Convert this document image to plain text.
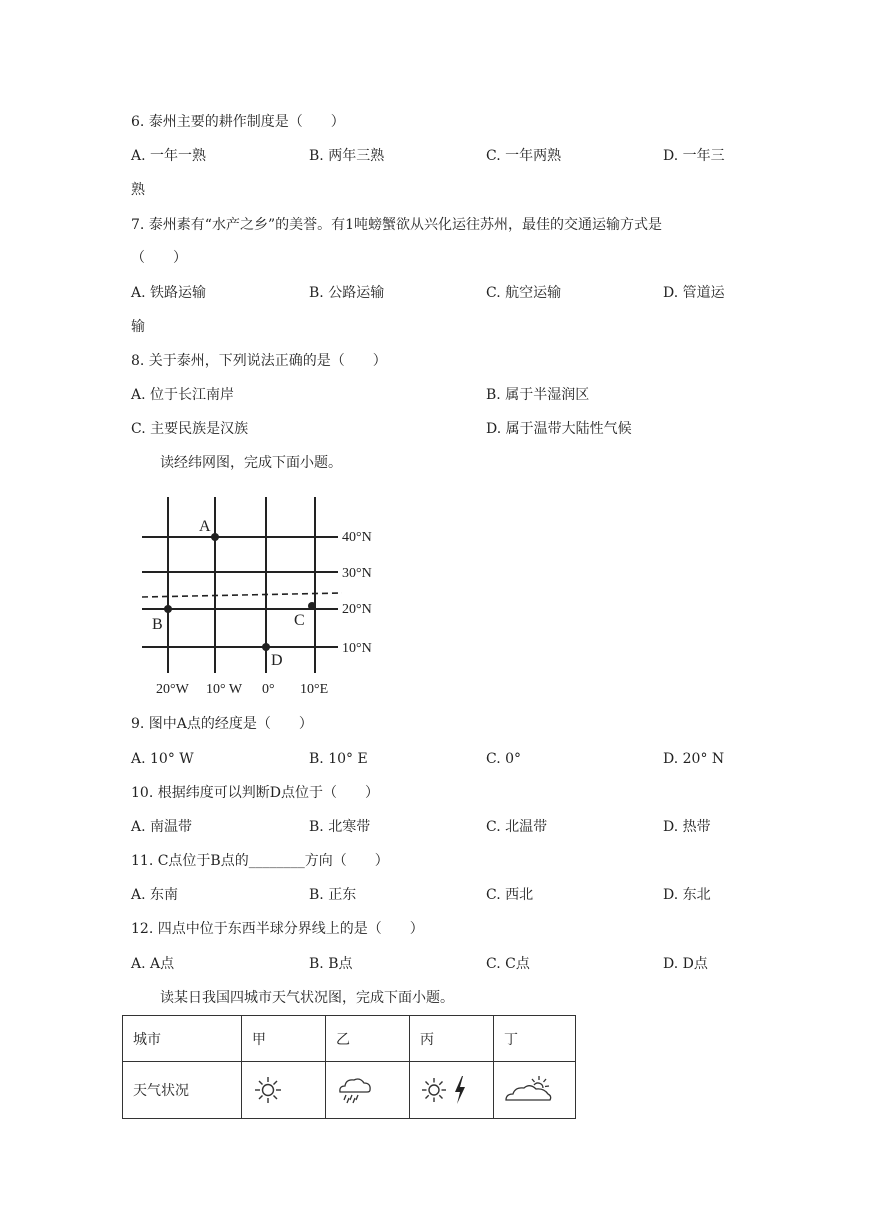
6. 泰州主要的耕作制度是（　　）
A. 一年一熟	B. 两年三熟	C. 一年两熟	D. 一年三
熟
7. 泰州素有“水产之乡”的美誉。有1吨螃蟹欲从兴化运往苏州，最佳的交通运输方式是
（　　）
A. 铁路运输	B. 公路运输	C. 航空运输	D. 管道运
输
8. 关于泰州，下列说法正确的是（　　）
A. 位于长江南岸	B. 属于半湿润区
C. 主要民族是汉族	D. 属于温带大陆性气候
读经纬网图，完成下面小题。
A
B	C
D
40°N
30°N
20°N
10°N
20°W 10° W 0° 10°E
9. 图中A点的经度是（　　）
A. 10° W	B. 10° E	C. 0°	D. 20° N
10. 根据纬度可以判断D点位于（　　）
A. 南温带	B. 北寒带	C. 北温带	D. 热带
11. C点位于B点的________方向（　　）
A. 东南	B. 正东	C. 西北	D. 东北
12. 四点中位于东西半球分界线上的是（　　）
A. A点	B. B点	C. C点	D. D点
读某日我国四城市天气状况图，完成下面小题。
城市	甲	乙	丙	丁
天气状况				
